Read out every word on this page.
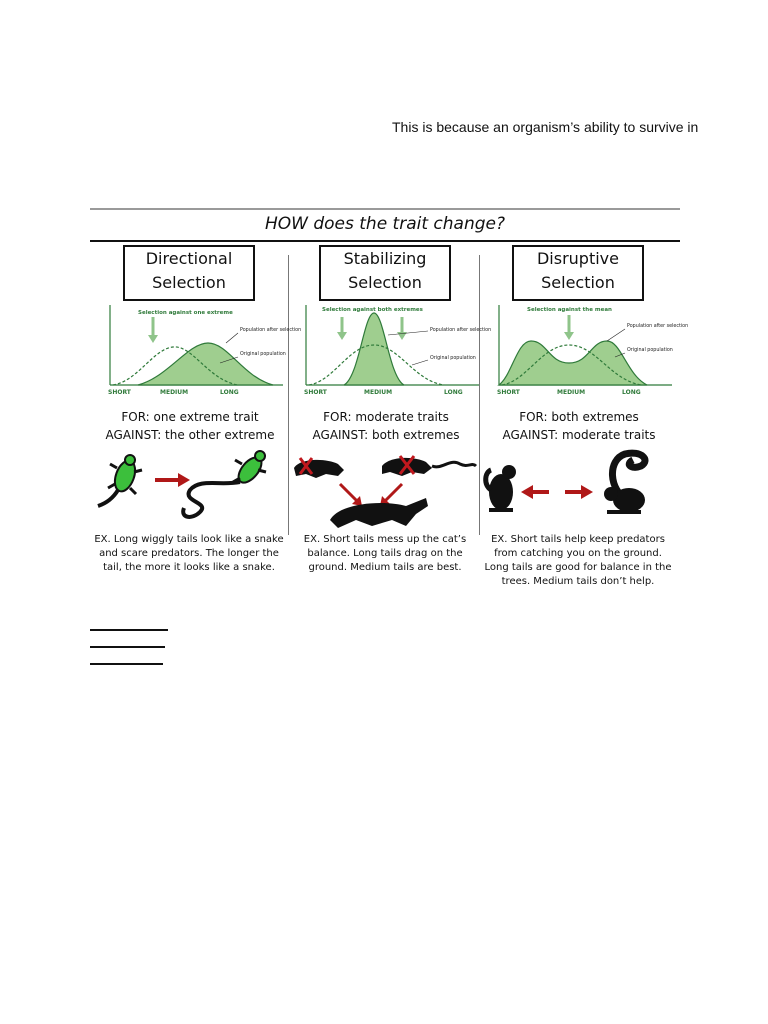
This is because an organism’s ability to survive in
HOW does the trait change?
Directional
Selection
Selection against one extreme
Population after selection
Original population
SHORT	MEDIUM	LONG
FOR: one extreme trait
AGAINST: the other extreme
EX. Long wiggly tails look like a snake and scare predators. The longer the tail, the more it looks like a snake.
Stabilizing
Selection
Selection against both extremes
Population after selection
Original population
SHORT	MEDIUM	LONG
FOR: moderate traits
AGAINST: both extremes
EX. Short tails mess up the cat’s balance. Long tails drag on the ground. Medium tails are best.
Disruptive
Selection
Selection against the mean
Population after selection
Original population
SHORT	MEDIUM	LONG
FOR: both extremes
AGAINST: moderate traits
EX. Short tails help keep predators from catching you on the ground. Long tails are good for balance in the trees. Medium tails don’t help.
